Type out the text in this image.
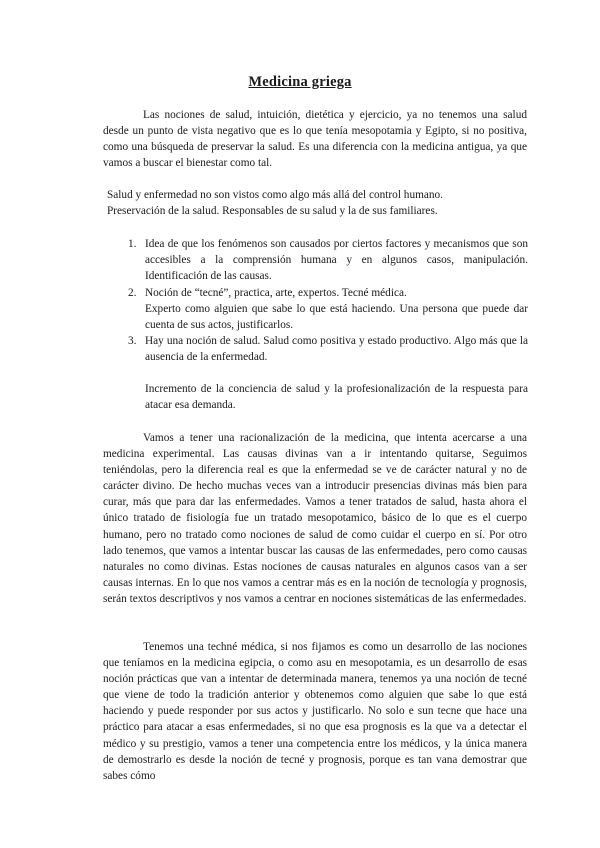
Medicina griega

Las nociones de salud, intuición, dietética y ejercicio, ya no tenemos una salud desde un punto de vista negativo que es lo que tenía mesopotamia y Egipto, si no positiva, como una búsqueda de preservar la salud. Es una diferencia con la medicina antigua, ya que vamos a buscar el bienestar como tal.

Salud y enfermedad no son vistos como algo más allá del control humano.

Preservación de la salud. Responsables de su salud y la de sus familiares.

1. Idea de que los fenómenos son causados por ciertos factores y mecanismos que son accesibles a la comprensión humana y en algunos casos, manipulación. Identificación de las causas.
2. Noción de “tecné”, practica, arte, expertos. Tecné médica.

Experto como alguien que sabe lo que está haciendo. Una persona que puede dar cuenta de sus actos, justificarlos.

3. Hay una noción de salud. Salud como positiva y estado productivo. Algo más que la ausencia de la enfermedad.

Incremento de la conciencia de salud y la profesionalización de la respuesta para atacar esa demanda.

Vamos a tener una racionalización de la medicina, que intenta acercarse a una medicina experimental. Las causas divinas van a ir intentando quitarse, Seguimos teniéndolas, pero la diferencia real es que la enfermedad se ve de carácter natural y no de carácter divino. De hecho muchas veces van a introducir presencias divinas más bien para curar, más que para dar las enfermedades. Vamos a tener tratados de salud, hasta ahora el único tratado de fisiología fue un tratado mesopotamico, básico de lo que es el cuerpo humano, pero no tratado como nociones de salud de como cuidar el cuerpo en sí. Por otro lado tenemos, que vamos a intentar buscar las causas de las enfermedades, pero como causas naturales no como divinas. Estas nociones de causas naturales en algunos casos van a ser causas internas. En lo que nos vamos a centrar más es en la noción de tecnología y prognosis, serán textos descriptivos y nos vamos a centrar en nociones sistemáticas de las enfermedades.

Tenemos una techné médica, si nos fijamos es como un desarrollo de las nociones que teníamos en la medicina egipcia, o como asu en mesopotamia, es un desarrollo de esas noción prácticas que van a intentar de determinada manera, tenemos ya una noción de tecné que viene de todo la tradición anterior y obtenemos como alguien que sabe lo que está haciendo y puede responder por sus actos y justificarlo. No solo e sun tecne que hace una práctico para atacar a esas enfermedades, si no que esa prognosis es la que va a detectar el médico y su prestigio, vamos a tener una competencia entre los médicos, y la única manera de demostrarlo es desde la noción de tecné y prognosis, porque es tan vana demostrar que sabes cómo
